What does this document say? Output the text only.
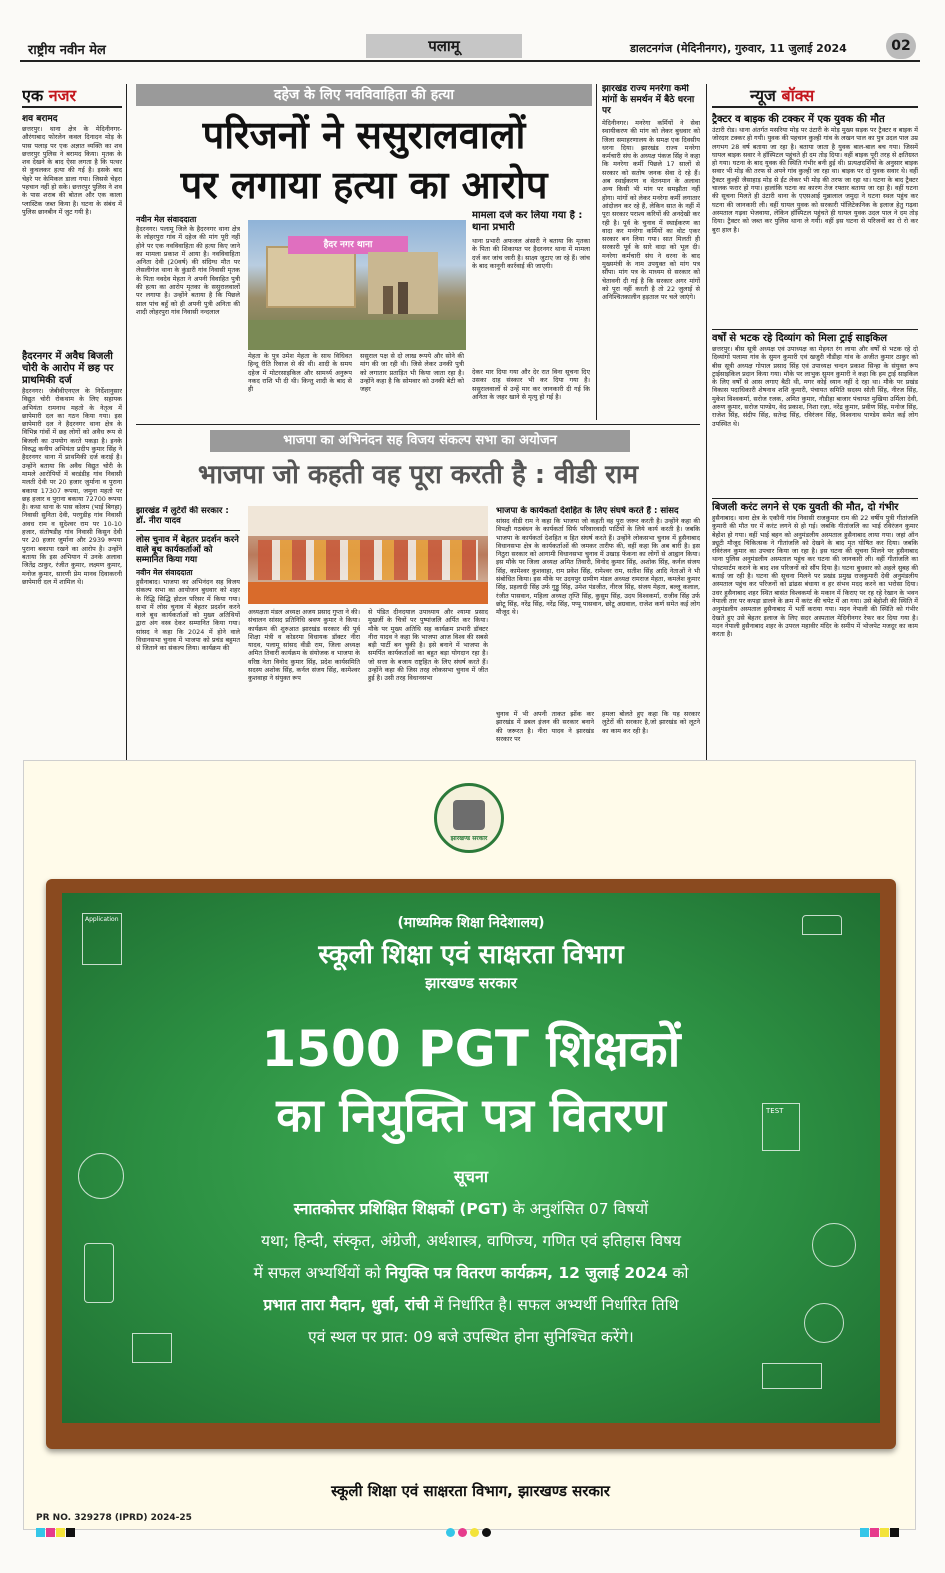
राष्ट्रीय नवीन मेल	पलामू	डालटनगंज (मेदिनीनगर), गुरुवार, 11 जुलाई 2024	02
एक नजर
शव बरामद
छत्तरपुर। थाना क्षेत्र के मेदिनीनगर-औरंगाबाद फोरलेन कवल दिनादन मोड़ के पास पलाड़ पर एक अज्ञात व्यक्ति का शव छत्तरपुर पुलिस ने बरामद किया। मृतक के शव देखने के बाद ऐसा लगता है कि पत्थर से कुचलकर हत्या की गई है। इसके बाद चेहरे पर केमिकल डाला गया। जिससे चेहरा पहचान नहीं हो सके। छत्तरपुर पुलिस ने शव के पास शराब की बोतल और एक काला प्लास्टिक जब्त किया है। घटना के संबंध में पुलिस छानबीन में जुट गयी है।
हैदरनगर में अवैध बिजली चोरी के आरोप में छह पर प्राथमिकी दर्ज
हैदरनगर। जेबीवीएनएल के निर्देशानुसार विद्युत चोरी रोकथाम के लिए सहायक अभियंता रामनाथ महतो के नेतृत्व में छापेमारी दल का गठन किया गया। इस छापेमारी दल ने हैदरनगर थाना क्षेत्र के विभिन्न गांवों में छह लोगों को अवैध रूप से बिजली का उपयोग करते पकड़ा है। इनके विरुद्ध कनीय अभियंता प्रदीप कुमार सिंह ने हैदरनगर थाना में प्राथमिकी दर्ज कराई है। उन्होंने बताया कि अवैध विद्युत चोरी के मामले आरोपियों में बरडंडीह गांव निवासी मलती देवी पर 20 हजार जुर्माना व पुराना बकाया 17307 रूपया, जमुना महतो पर छह हजार व पुराना बकाया 72700 रूपया है। कथा थाना के पास कोलम (भाई बिगहा) निवासी सुनिता देवी, परगुडीह गांव निवासी अवध राम व सुदेश्वर राम पर 10-10 हजार, संतोषडीह गांव निवासी किसुन देवी पर 20 हजार जुर्माना और 2939 रूपया पुराना बकाया रखने का आरोप है। उन्होंने बताया कि इस अभियान में उनके अलावा जितेंद्र ठाकुर, रंजीत कुमार, लक्ष्मण कुमार, मनोज कुमार, सारणी प्रेम मानव दिवाकरनी छापेमारी दल में शामिल थे।
दहेज के लिए नवविवाहिता की हत्या
परिजनों ने ससुरालवालों
पर लगाया हत्या का आरोप
नवीन मेल संवाददाता
हैदरनगर। पलामू जिले के हैदरनगर थाना क्षेत्र के लोहरपुरा गांव में दहेज की मांग पूरी नहीं होने पर एक नवविवाहिता की हत्या किए जाने का मामला प्रकाश में आया है। नवविवाहिता अनिता देवी (20वर्ष) की संदिग्ध मौत पर लेसलीगंज थाना के कुंडारी गांव निवासी मृतक के पिता नवदेव मेहता ने अपनी विवाहित पुत्री की हत्या का आरोप मृतका के ससुरालवालों पर लगाया है। उन्होंने बताया है कि पिछले साल पांच बहुँ को ही अपनी पुत्री अनिता की शादी लोहरपुरा गांव निवासी नन्दलाल
हैदर नगर थाना
मामला दर्ज कर लिया गया है : थाना प्रभारी
थाना प्रभारी अफजल अंसारी ने बताया कि मृतका के पिता की शिकायत पर हैदरनगर थाना में मामला दर्ज कर जांच जारी है। साक्ष्य जुटाए जा रहे हैं। जांच के बाद कानूनी कार्रवाई की जाएगी।
मेहता के पुत्र उमेश मेहता के साथ विधिवत हिन्दू रीति रिवाज से की थी। शादी के समय दहेज में मोटरसाइकिल और सामर्थ्य अनुरूप नकद राशि भी दी थी। किन्तु शादी के बाद से ही
ससुराल पक्ष से दो लाख रूपये और सोने की मांग की जा रही थी। जिसे लेकर उनकी पुत्री को लगातार प्रताड़ित भी किया जाता रहा है। उन्होंने कहा है कि सोमवार को उनकी बेटी को जहर
देकर मार दिया गया और देर रात विना सूचना दिए उसका दाह संस्कार भी कर दिया गया है। ससुरालवालों से उन्हें मार कर जानकारी दी गई कि अनिता के जहर खाने से मृत्यु हो गई है।
झारखंड राज्य मनरेगा कर्मी मांगों के समर्थन में बैठे धरना पर
मेदिनीनगर। मनरेगा कर्मियों ने सेवा स्थायीकरण की मांग को लेकर बुधवार को जिला समाहरणालय के समक्ष एक दिवसीय धरना दिया। झारखंड राज्य मनरेगा कर्मचारी संघ के अध्यक्ष पंकज सिंह ने कहा कि मनरेगा कर्मी पिछले 17 सालों से सरकार को सतोष जनक सेवा दे रहे हैं। अब स्थाईकरण व वेतनमान के अलावा अन्य किसी भी मांग पर समझौता नहीं होगा। मांगों को लेकर मनरेगा कर्मी लगातार आंदोलन कर रहे हैं, लेकिन सात के नहीं में पूरा सरकार पराश्य करियों की अनदेखी कर रही है। पूर्व के चुनाव में स्थाईकरण का वादा कर मनरेगा कर्मियों का वोट एकर सरकार बन लिया गया। सात मिलती ही सरकारी पूर्व के सारे वादा को भूल दी। मनरेगा कर्मचारी संघ ने धरना के बाद मुख्यमंत्री के नाम उपयुक्त को मांग पत्र सौंपा। मांग पत्र के माध्यम से सरकार को चेतावनी दी गई है कि सरकार अगर मांगों को पूरा नहीं करती है तो 22 जुलाई से अनिश्चितकालीन हड़ताल पर चले जाएंगे।
भाजपा का अभिनंदन सह विजय संकल्प सभा का अयोजन
भाजपा जो कहती वह पूरा करती है : वीडी राम
झारखंड में लुटेरों की सरकार : डॉ. नीरा यादव
लोस चुनाव में बेहतर प्रदर्शन करने वाले बूथ कार्यकर्ताओं को सम्मानित किया गया
नवीन मेल संवाददाता
हुसैनाबाद। भाजपा का अभिनंदन सह विजय संकल्प सभा का आयोजन बुधवार को शहर के रिद्धि सिद्धि होटल परिसर में किया गया। सभा में लोस चुनाव में बेहतर प्रदर्शन करने वाले बूथ कार्यकर्ताओं को मुख्य अतिथियों द्वारा अंग वस्त्र देकर सम्मानित किया गया। सांसद ने कहा कि 2024 में होने वाले विधानसभा चुनाव में भाजपा को प्रचंड बहुमत से जिताने का संकल्प लिया। कार्यक्रम की
अध्यक्षता मंडल अध्यक्ष अजय प्रसाद गुप्ता ने की। संचालन सांसद प्रतिनिधि श्रवण कुमार ने किया। कार्यक्रम की शुरुआत झारखंड सरकार की पूर्व शिक्षा मंत्री व कोडरमा विधायक डॉक्टर नीरा यादव, पलामू सांसद वीडी राम, जिला अध्यक्ष अमित तिवारी कार्यक्रम के संयोजक व भाजपा के वरिष्ठ नेता विनोद कुमार सिंह, प्रदेश कार्यसमिति सदस्य अशोक सिंह, कर्नल संजय सिंह, कामेश्वर कुशवाहा ने संयुक्त रूप
से पंडित दीनदयाल उपाध्याय और श्यामा प्रसाद मुखर्जी के चित्रों पर पुष्पांजलि अर्पित कर किया। मौके पर मुख्य अतिथि सह कार्यक्रम प्रभारी डॉक्टर नीरा यादव ने कहा कि भाजपा आज विश्व की सबसे बड़ी पार्टी बन चुकी है। इसे बनाने में भाजपा के समर्पित कार्यकर्ताओं का बहुत बड़ा योगदान रहा है। जो सत्ता के बजाय राष्ट्रहित के लिए संघर्ष करते हैं। उन्होंने कहा की जिस तरह लोकसभा चुनाव में जीत हुई है। उसी तरह विधानसभा
भाजपा के कार्यकर्ता देशहित के लिए संघर्ष करते हैं : सांसद
सांसद वीडी राम ने कहा कि भाजपा जो कहती वह पूरा जरूर करती है। उन्होंने कहा की विपक्षी गठबंधन के कार्यकर्ता सिर्फ परिवारवादी पार्टियों के लिये कार्य करती है। जबकि भाजपा के कार्यकर्ता देशहित व हित संघर्ष करते हैं। उन्होंने लोकसभा चुनाव में हुसैनाबाद विधानसभा क्षेत्र के कार्यकर्ताओं की जमकर तारीफ की, वहीं कहा कि अब बारी है। इस निठुरा सरकार को आगामी विधानसभा चुनाव में उखाड़ फेंकना का लोगों से आह्वान किया। इस मौके पर जिला अध्यक्ष अमित तिवारी, विनोद कुमार सिंह, अशोक सिंह, कर्नल संजय सिंह, कामेश्वर कुशवाहा, राम प्रवेश सिंह, रामेश्वर राम, सतीश सिंह आदि नेताओं ने भी संबोधित किया। इस मौके पर उदयपुर ग्रामीण मंडल अध्यक्ष रामराज मेहता, कमलेश कुमार सिंह, प्रहलादी सिंह उर्फ गुड्डु सिंह, उमेश पंडजीत, नीरज सिंह, संजय मेहता, बल्लू कलाल, रंजीत पासवान, महिला अध्यक्ष तृप्ति सिंह, कुसुम सिंह, उदय विश्वकर्मा, राजीव सिंह उर्फ छोटू सिंह, नरेंद्र सिंह, नरेंद्र सिंह, पप्पू पासवान, छोटू अग्रवाल, राजेश कर्ण समेत कई लोग मौजूद थे।
चुनाव में भी अपनी ताकत झोंक कर झारखंड में डबल इंजन की सरकार बनाने की जरूरत है। नीरा यादव ने झारखंड सरकार पर
हमला बोलते हुए कहा कि यह सरकार लुटेरों की सरकार है,जो झारखंड को लूटने का काम कर रही है।
न्यूज बॉक्स
ट्रैक्टर व बाइक की टक्कर में एक युवक की मौत
उंटारी रोड। थाना अंतर्गत मसरिया मोड़ पर उंटारी के मोड़ मुख्य सड़क पर ट्रैक्टर व बाइक में जोरदार टक्कर हो गयी। युवक की पहचान कुल्ही गांव के लखन पाल का पुत्र उदल पाल उम्र लगभग 28 वर्ष बताया जा रहा है। बताया जाता है युवक बाल-बाल बच गया। जिसमें घायल बाइक सवार ने हॉस्पिटल पहुंचते ही दम तोड़ दिया। वहीं बाइक पूरी तरह से क्षतिग्रस्त हो गया। घटना के बाद युवक की स्थिति गंभीर बनी हुई थी। प्रत्यक्षदर्शियों के अनुसार बाइक सवार भी मोड़ की तरफ से अपने गांव कुल्ही जा रहा था। बाइक पर दो युवक सवार थे। वहीं ट्रैक्टर कुल्ही जैसाहाड़ मोड़ से ईंट लेकर भी मोड़ की तरफ जा रहा था। घटना के बाद ट्रैक्टर चालक फरार हो गया। हालांकि घटना का कारण तेज रफ्तार बताया जा रहा है। वहीं घटना की सूचना मिलते ही उंटारी थाना के एएसआई मुन्नालाल जमुदा ने घटना स्थल पहुंच कर घटना की जानकारी ली। वहीं घायल युवक को सरकारी पॉलिटेकनिक के इलाज हेतु गढ़वा अस्पताल गढ़वा भेजवाया, लेकिन हॉस्पिटल पहुंचते ही घायल युवक उदल पाल ने दम तोड़ दिया। ट्रैक्टर को जब्त कर पुलिस थाना ले गयी। वहीं इस घटना से परिजनों का रो रो कर बुरा हाल है।
वर्षों से भटक रहे दिव्यांग को मिला ट्राई साइकिल
छत्तरपुर। बीस सूत्री अध्यक्ष एवं उपाध्यक्ष का मेहनत रंग लाया और वर्षों से भटक रहे दो दिव्यांगों पलामा गांव के सुमन कुमारी एवं खजुरी नौडीहा गांव के अजीत कुमार ठाकुर को बीस सूत्री अध्यक्ष गोपाल प्रसाद सिंह एवं उपाध्यक्ष चन्दन प्रकाश सिन्हा के संयुक्त रूप ट्राईसाइकिल प्रदान किया गया। मौके पर लाभुक सुमन कुमारी ने कहा कि हम ट्राई साइकिल के लिए वर्षों से आस लगाए बैठी थी, मगर कोई ध्यान नहीं दे रहा था। मौके पर प्रखंड विकास पदाधिकारी शेषनाथ शशि कुमारी, पंचायत समिति सदस्य सोती सिंह, नीरज सिंह, मुकेश विश्वकर्मा, सरोज रजक, अमित कुमार, नौडीहा बाजार पंचायत मुखिया उर्मिला देवी, अरुण कुमार, सरोज पाण्डेय, वेद प्रकाश, निशा रज़ा, नरेंद्र कुमार, प्रवीण सिंह, मनोज सिंह, राजेश सिंह, संदीप सिंह, सतेन्द्र सिंह, रविरंजन सिंह, विश्वनाथ पाण्डेय समेत कई लोग उपस्थित थे।
बिजली करंट लगने से एक युवती की मौत, दो गंभीर
हुसैनाबाद। थाना क्षेत्र के एकौनी गांव निवासी राजकुमार राम की 22 वर्षीय पुत्री गीतांजलि कुमारी की मौत घर में करंट लगने से हो गई। जबकि गीतांजलि का भाई रविरंजन कुमार बेहोश हो गया। वहीं भाई बहन को अनुमंडलीय अस्पताल हुसैनाबाद लाया गया। जहां ऑन ड्यूटी मौजूद चिकित्सक ने गीतांजलि को देखने के बाद मृत घोषित कर दिया। जबकि रविरंजन कुमार का उपचार किया जा रहा है। इस घटना की सूचना मिलने पर हुसैनाबाद थाना पुलिस अनुमंडलीय अस्पताल पहुंच कर घटना की जानकारी ली। वहीं गीतांजलि का पोस्टमार्टम कराने के बाद शव परिजनों को सौंप दिया है। घटना बुधवार को अहले सुबह की बताई जा रही है। घटना की सूचना मिलने पर प्रखंड प्रमुख राजकुमारी देवी अनुमंडलीय अस्पताल पहुंच कर परिजनों को ढांढस बंधाया व हर संभव मदद करने का भरोसा दिया। उधर हुसैनाबाद शहर स्थित बासंत विश्वकर्मा के मकान में किराए पर रह रहे रेखान के भवन नेपाली तार पर कपड़ा डालने के क्रम में करंट की चपेट में आ गया। उसे बेहोशी की स्थिति में अनुमंडलीय अस्पताल हुसैनाबाद में भर्ती कराया गया। मदन नेपाली की स्थिति को गंभीर देखते हुए उसे बेहतर इलाज के लिए सदर अस्पताल मेदिनीनगर रेफर कर दिया गया है। मदन नेपाली हुसैनाबाद शहर के उपरल महावीर मंदिर के समीप में भोजपेट मजदूर का काम करता है।
झारखण्ड सरकार
Application
TEST
(माध्यमिक शिक्षा निदेशालय)
स्कूली शिक्षा एवं साक्षरता विभाग
झारखण्ड सरकार
1500 PGT शिक्षकों
का नियुक्ति पत्र वितरण
सूचना
स्नातकोत्तर प्रशिक्षित शिक्षकों (PGT) के अनुशंसित 07 विषयों
यथा; हिन्दी, संस्कृत, अंग्रेजी, अर्थशास्त्र, वाणिज्य, गणित एवं इतिहास विषय
में सफल अभ्यर्थियों को नियुक्ति पत्र वितरण कार्यक्रम, 12 जुलाई 2024 को
प्रभात तारा मैदान, धुर्वा, रांची में निर्धारित है। सफल अभ्यर्थी निर्धारित तिथि
एवं स्थल पर प्रात: 09 बजे उपस्थित होना सुनिश्चित करेंगे।
स्कूली शिक्षा एवं साक्षरता विभाग, झारखण्ड सरकार
PR NO. 329278 (IPRD) 2024-25
